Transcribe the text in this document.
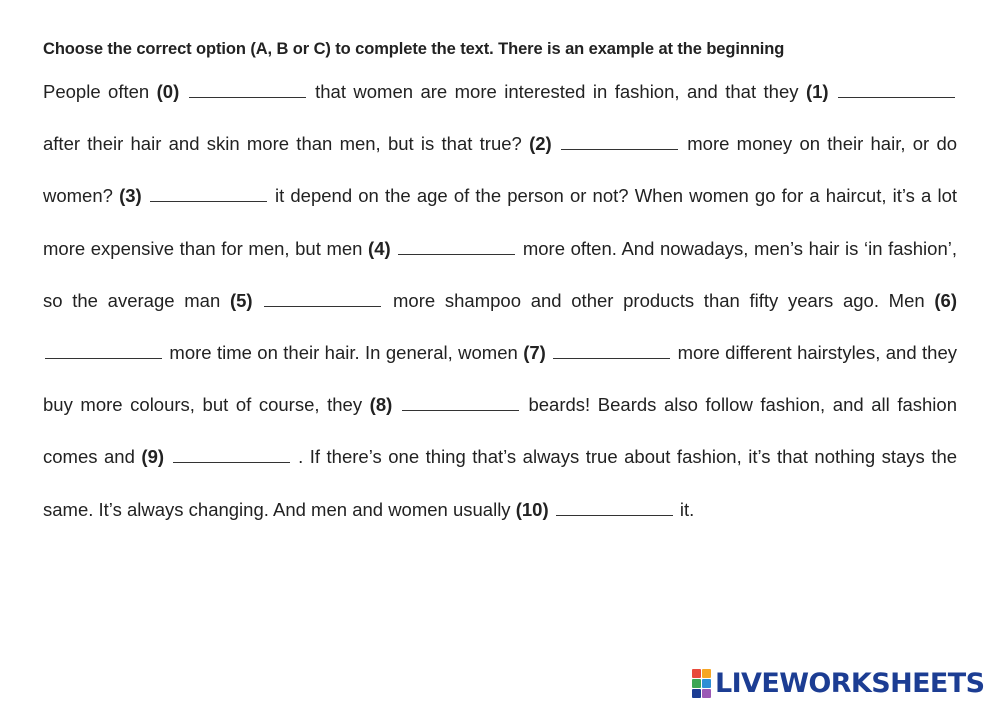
Choose the correct option (A, B or C) to complete the text. There is an example at the beginning
People often (0)	that women are more interested in fashion, and that they (1)  after their hair and skin more than men, but is that true? (2)	more money on their hair, or do women? (3)	it depend on the age of the person or not? When women go for a haircut, it’s a lot more expensive than for men, but men (4)	more often. And nowadays, men’s hair is ‘in fashion’, so the average man (5)	more shampoo and other products than fifty years ago. Men (6)  more time on their hair. In general, women (7)	more different hairstyles, and they buy more colours, but of course, they (8)	beards! Beards also follow fashion, and all fashion comes and (9)	. If there’s one thing that’s always true about fashion, it’s that nothing stays the same. It’s always changing. And men and women usually (10)	it.
LIVEWORKSHEETS
